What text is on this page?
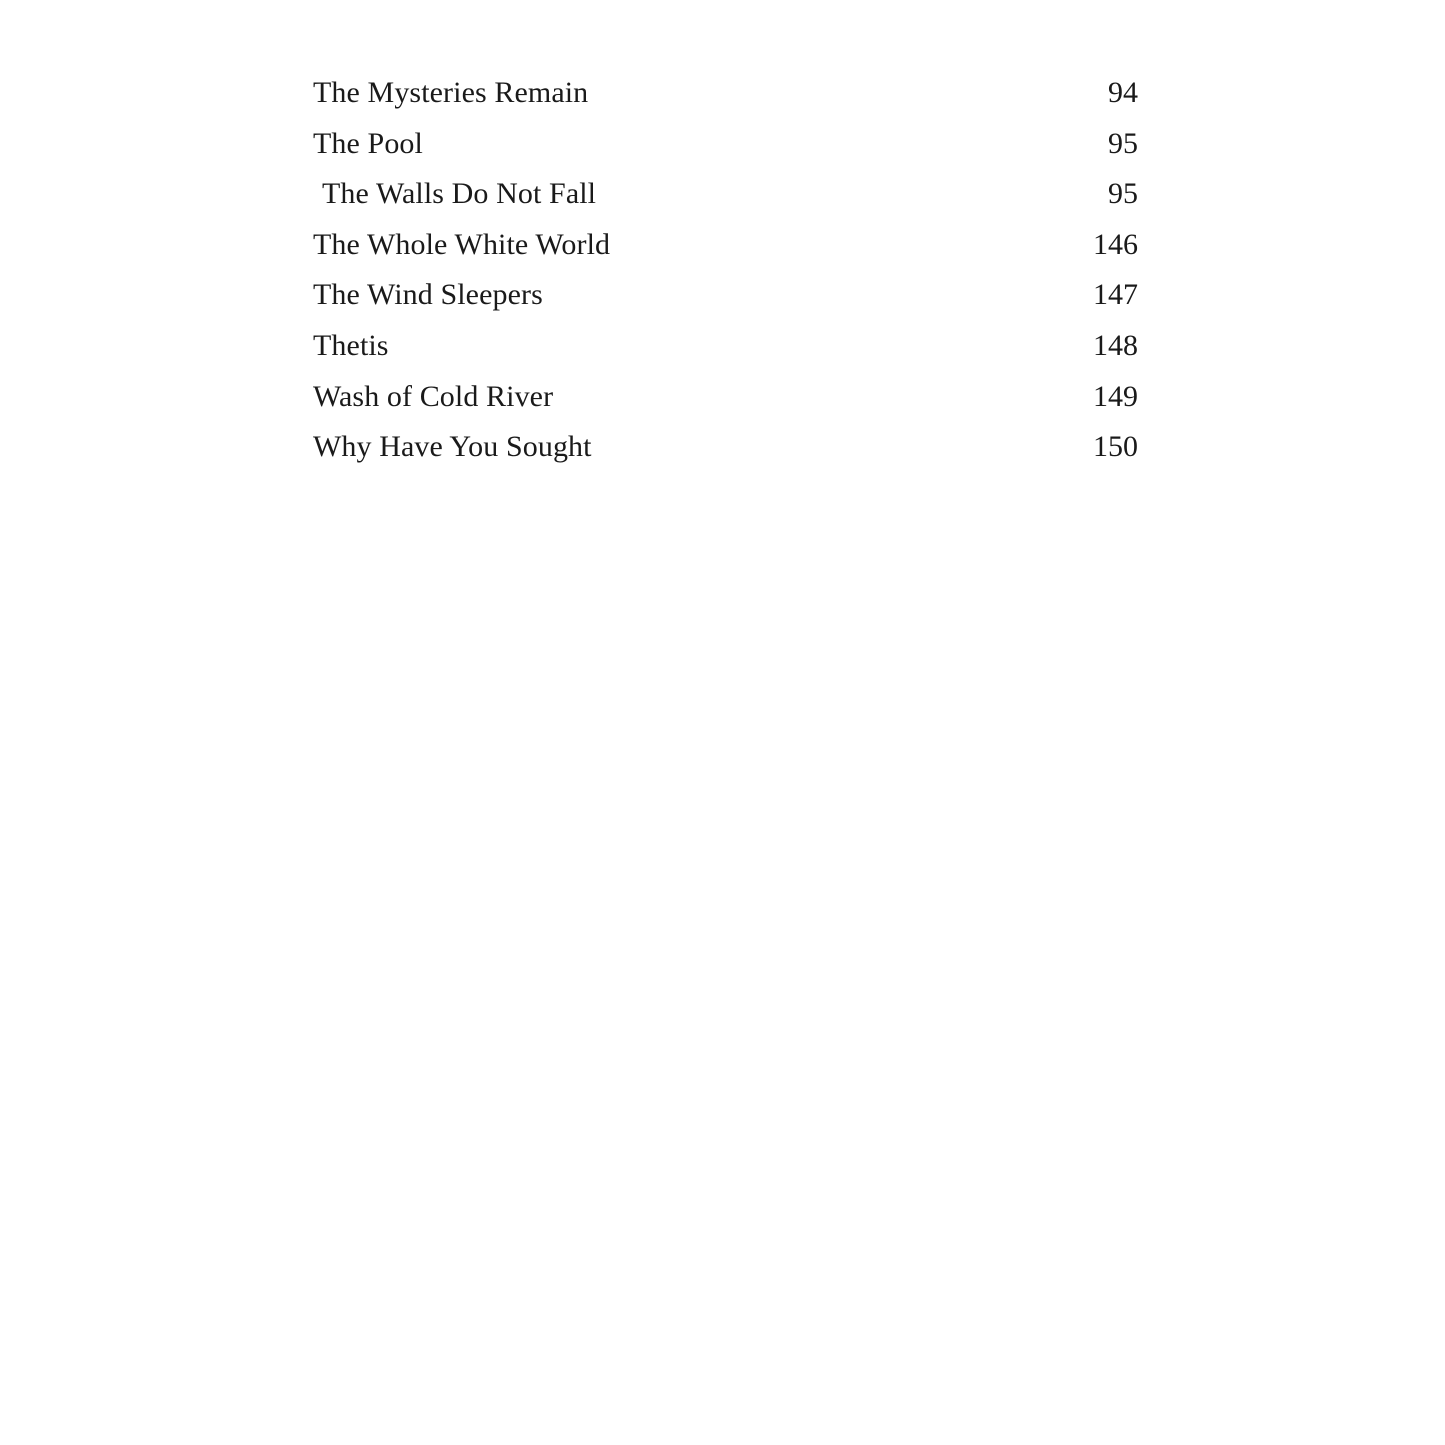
The Mysteries Remain	94
The Pool	95
The Walls Do Not Fall	95
The Whole White World	146
The Wind Sleepers	147
Thetis	148
Wash of Cold River	149
Why Have You Sought	150
